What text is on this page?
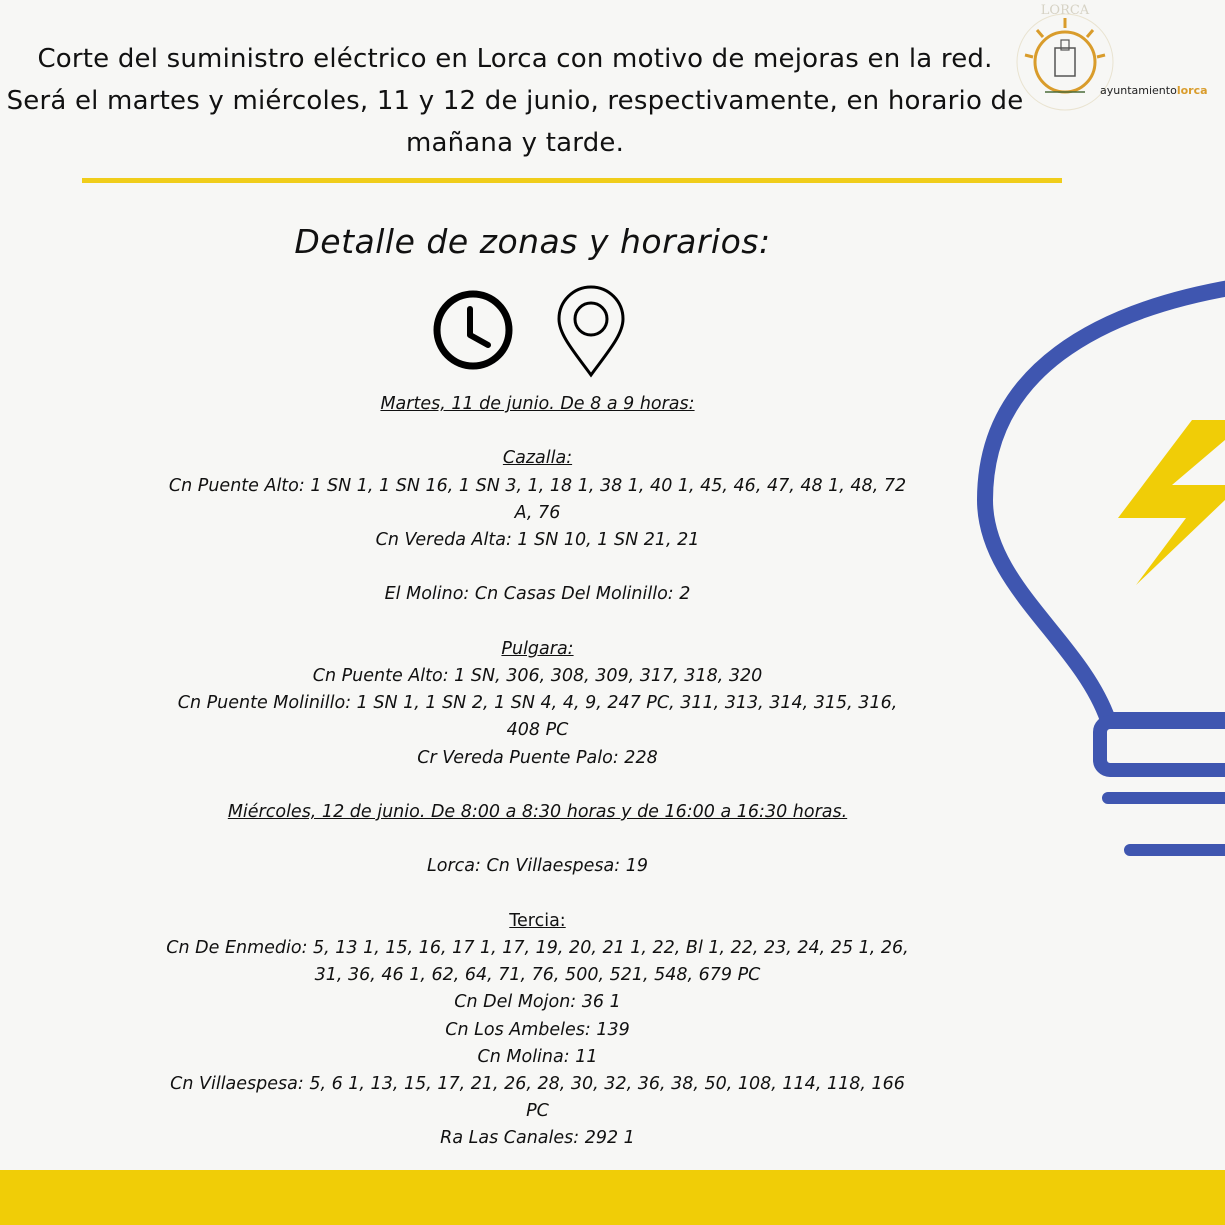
Corte del suministro eléctrico en Lorca con motivo de mejoras en la red.
Será el martes y miércoles, 11 y 12 de junio, respectivamente, en horario de
mañana y tarde.
LORCA
ayuntamientolorca
Detalle de zonas y horarios:
Martes, 11 de junio. De 8 a 9 horas:
Cazalla:
Cn Puente Alto: 1 SN 1, 1 SN 16, 1 SN 3, 1, 18 1, 38 1, 40 1, 45, 46, 47, 48 1, 48, 72
A, 76
Cn Vereda Alta: 1 SN 10, 1 SN 21, 21
El Molino: Cn Casas Del Molinillo: 2
Pulgara:
Cn Puente Alto: 1 SN, 306, 308, 309, 317, 318, 320
Cn Puente Molinillo: 1 SN 1, 1 SN 2, 1 SN 4, 4, 9, 247 PC, 311, 313, 314, 315, 316,
408 PC
Cr Vereda Puente Palo: 228
Miércoles, 12 de junio. De 8:00 a 8:30 horas y de 16:00 a 16:30 horas.
Lorca: Cn Villaespesa: 19
Tercia:
Cn De Enmedio: 5, 13 1, 15, 16, 17 1, 17, 19, 20, 21 1, 22, Bl 1, 22, 23, 24, 25 1, 26,
31, 36, 46 1, 62, 64, 71, 76, 500, 521, 548, 679 PC
Cn Del Mojon: 36 1
Cn Los Ambeles: 139
Cn Molina: 11
Cn Villaespesa: 5, 6 1, 13, 15, 17, 21, 26, 28, 30, 32, 36, 38, 50, 108, 114, 118, 166
PC
Ra Las Canales: 292 1
